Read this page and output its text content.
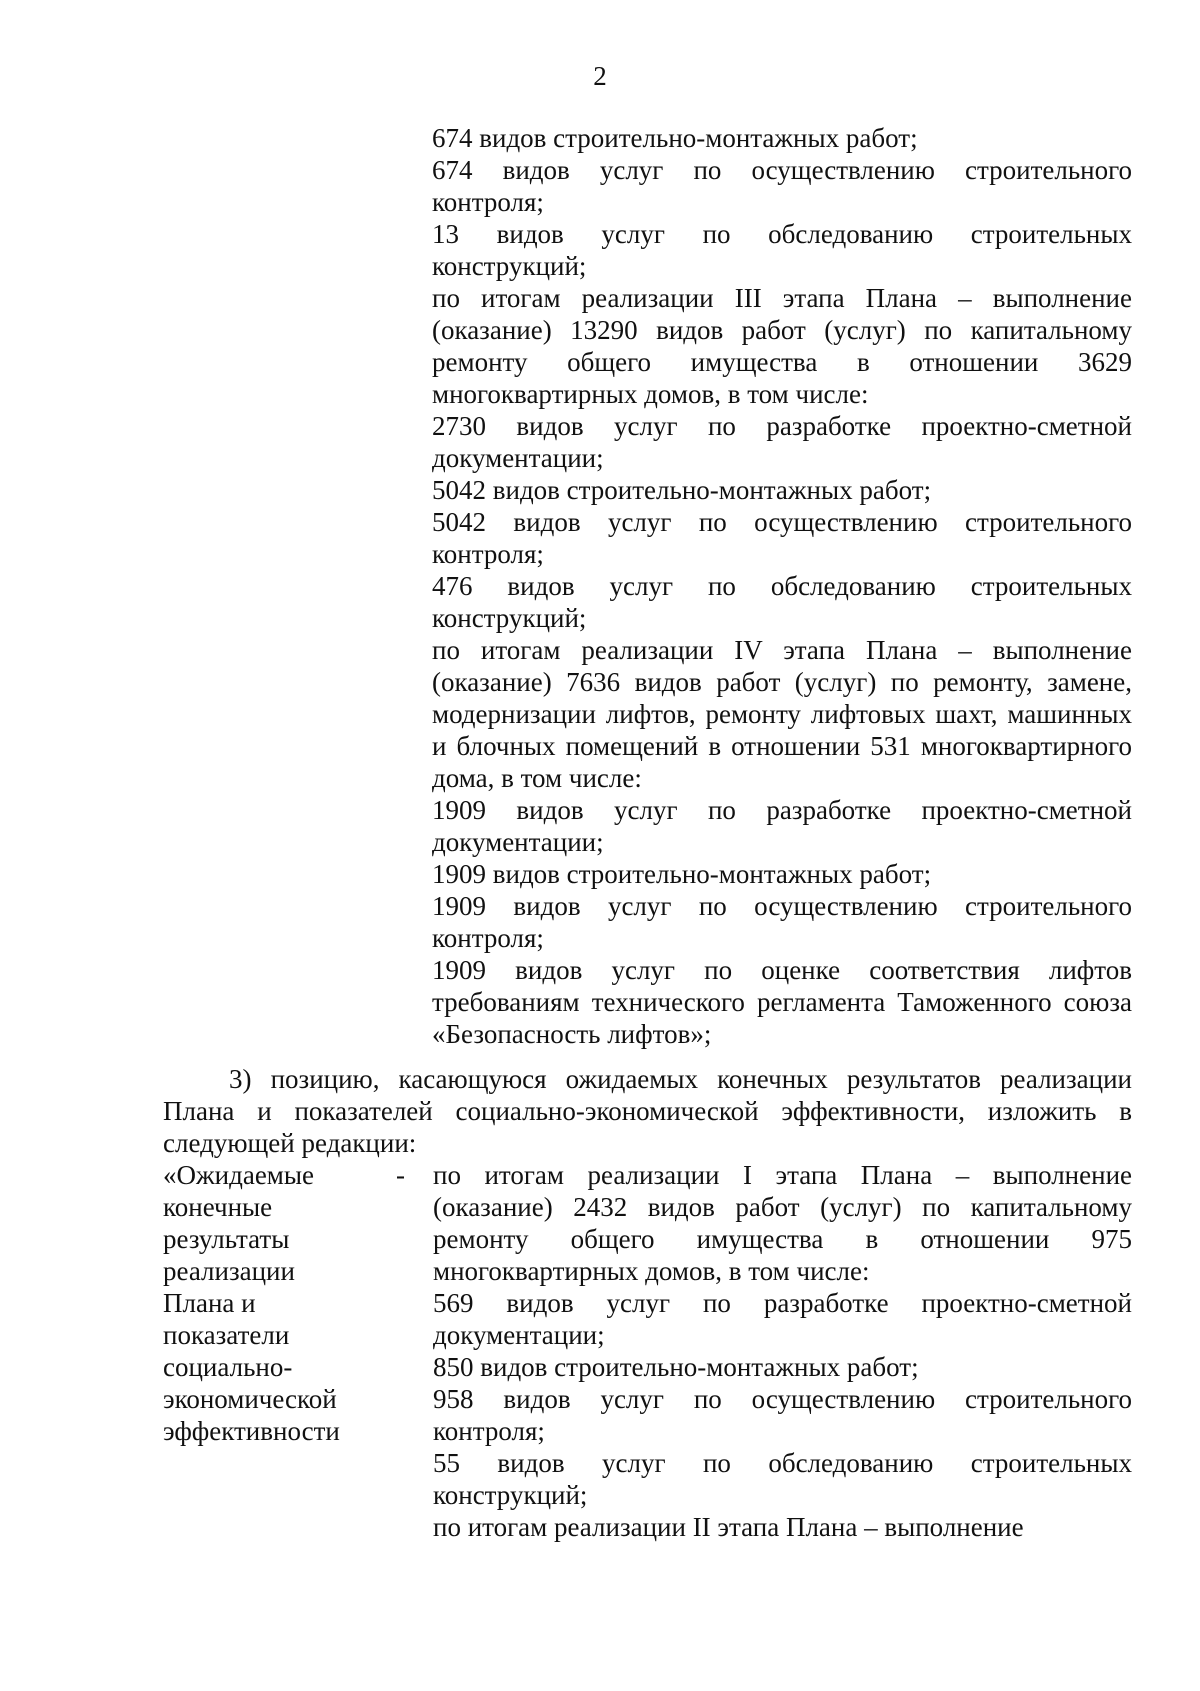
2

674 видов строительно-монтажных работ;

674 видов услуг по осуществлению строительного контроля;

13 видов услуг по обследованию строительных конструкций;

по итогам реализации III этапа Плана – выполнение (оказание) 13290 видов работ (услуг) по капитальному ремонту общего имущества в отношении 3629 многоквартирных домов, в том числе:

2730 видов услуг по разработке проектно-сметной документации;

5042 видов строительно-монтажных работ;

5042 видов услуг по осуществлению строительного контроля;

476 видов услуг по обследованию строительных конструкций;

по итогам реализации IV этапа Плана – выполнение (оказание) 7636 видов работ (услуг) по ремонту, замене, модернизации лифтов, ремонту лифтовых шахт, машинных и блочных помещений в отношении 531 многоквартирного дома, в том числе:

1909 видов услуг по разработке проектно-сметной документации;

1909 видов строительно-монтажных работ;

1909 видов услуг по осуществлению строительного контроля;

1909 видов услуг по оценке соответствия лифтов требованиям технического регламента Таможенного союза «Безопасность лифтов»;

3) позицию, касающуюся ожидаемых конечных результатов реализации Плана и показателей социально-экономической эффективности, изложить в следующей редакции:

«Ожидаемые
конечные
результаты
реализации
Плана и
показатели
социально-
экономической
эффективности
- по итогам реализации I этапа Плана – выполнение (оказание) 2432 видов работ (услуг) по капитальному ремонту общего имущества в отношении 975 многоквартирных домов, в том числе:

569 видов услуг по разработке проектно-сметной документации;

850 видов строительно-монтажных работ;

958 видов услуг по осуществлению строительного контроля;

55 видов услуг по обследованию строительных конструкций;

по итогам реализации II этапа Плана – выполнение
